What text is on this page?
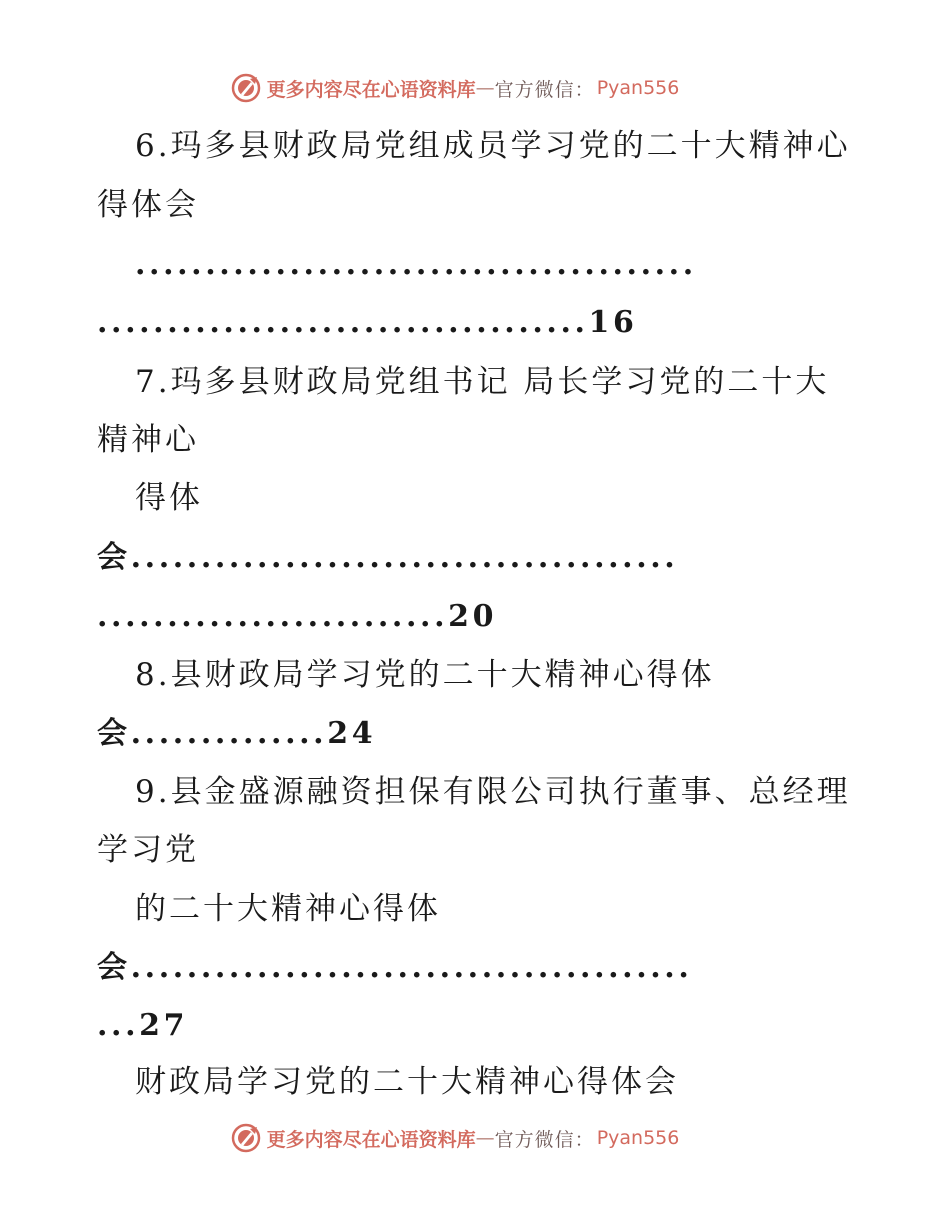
更多内容尽在心语资料库 — 官方微信： Pyan556
6.玛多县财政局党组成员学习党的二十大精神心
得体会
........................................
...................................16
7.玛多县财政局党组书记 局长学习党的二十大
精神心
得体
会.......................................
.........................20
8.县财政局学习党的二十大精神心得体
会..............24
9.县金盛源融资担保有限公司执行董事、总经理
学习党
的二十大精神心得体
会........................................
...27
财政局学习党的二十大精神心得体会
更多内容尽在心语资料库 — 官方微信： Pyan556
